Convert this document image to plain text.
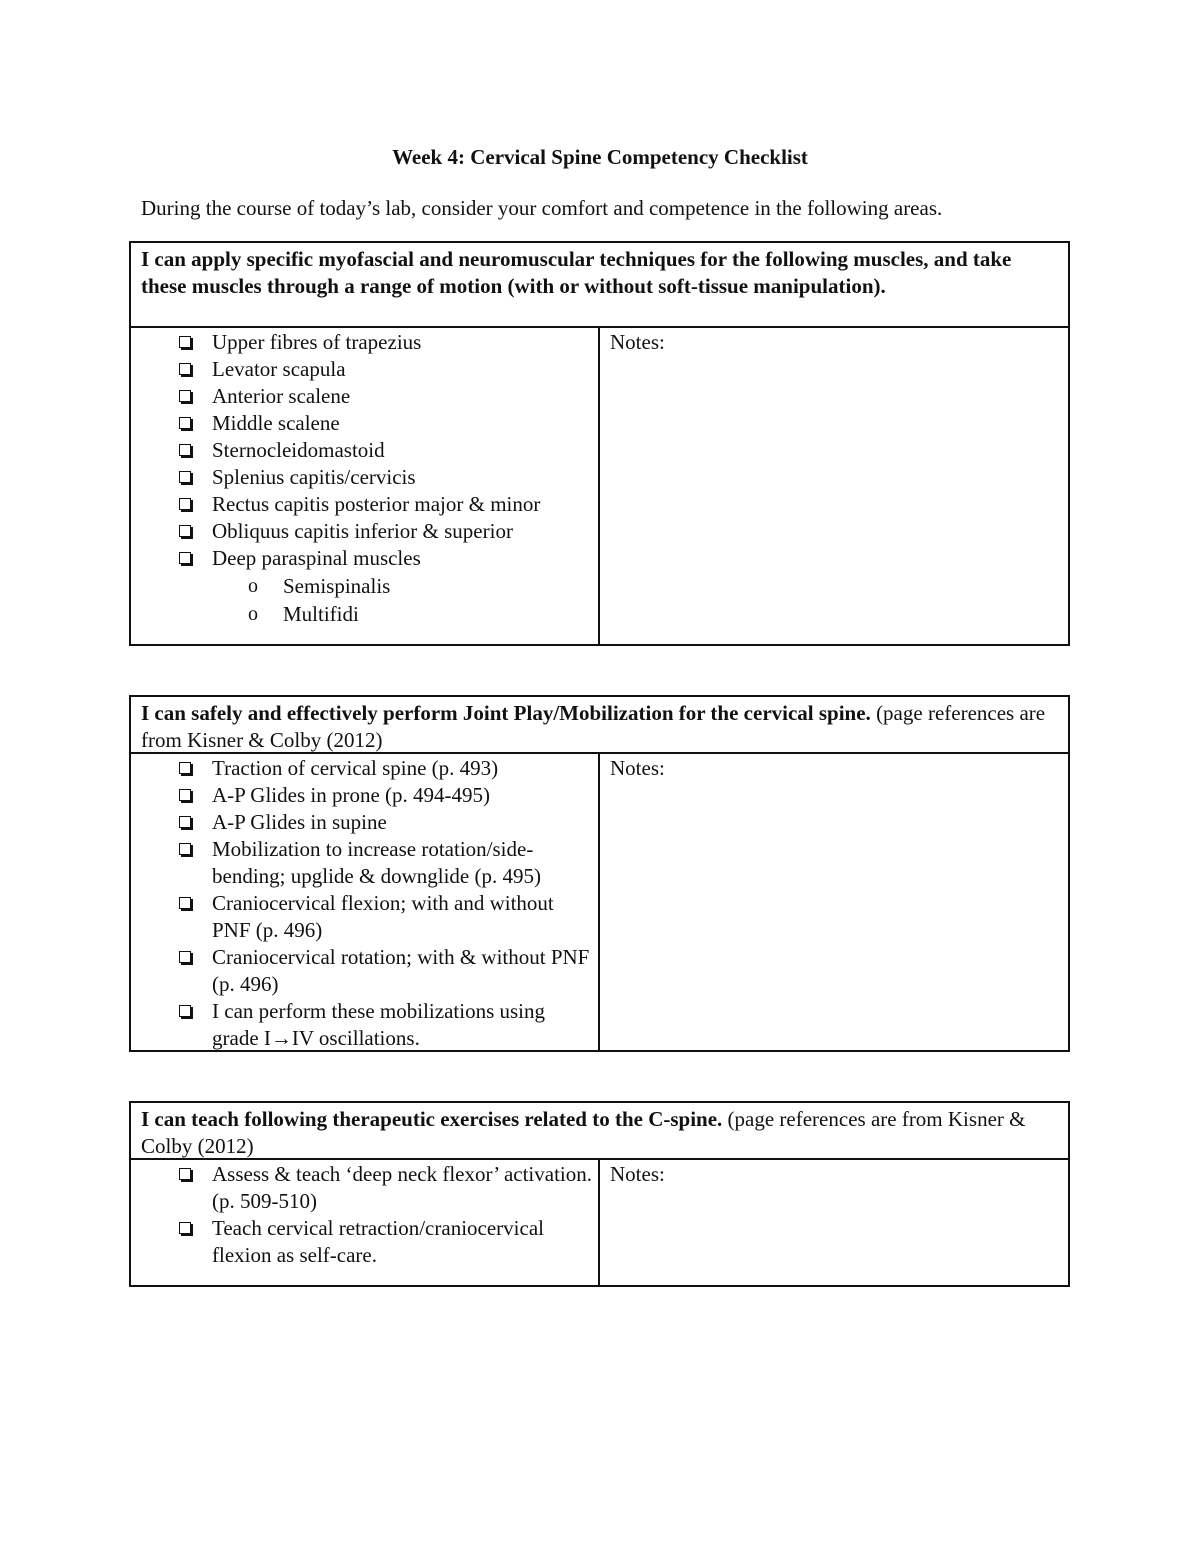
Week 4: Cervical Spine Competency Checklist
During the course of today’s lab, consider your comfort and competence in the following areas.
I can apply specific myofascial and neuromuscular techniques for the following muscles, and take these muscles through a range of motion (with or without soft-tissue manipulation).
Upper fibres of trapezius
Levator scapula
Anterior scalene
Middle scalene
Sternocleidomastoid
Splenius capitis/cervicis
Rectus capitis posterior major & minor
Obliquus capitis inferior & superior
Deep paraspinal muscles
o Semispinalis
o Multifidi
Notes:
I can safely and effectively perform Joint Play/Mobilization for the cervical spine. (page references are from Kisner & Colby (2012)
Traction of cervical spine (p. 493)
A-P Glides in prone (p. 494-495)
A-P Glides in supine
Mobilization to increase rotation/side-bending; upglide & downglide (p. 495)
Craniocervical flexion; with and without PNF (p. 496)
Craniocervical rotation; with & without PNF (p. 496)
I can perform these mobilizations using grade I→IV oscillations.
Notes:
I can teach following therapeutic exercises related to the C-spine. (page references are from Kisner & Colby (2012)
Assess & teach ‘deep neck flexor’ activation. (p. 509-510)
Teach cervical retraction/craniocervical flexion as self-care.
Notes:
